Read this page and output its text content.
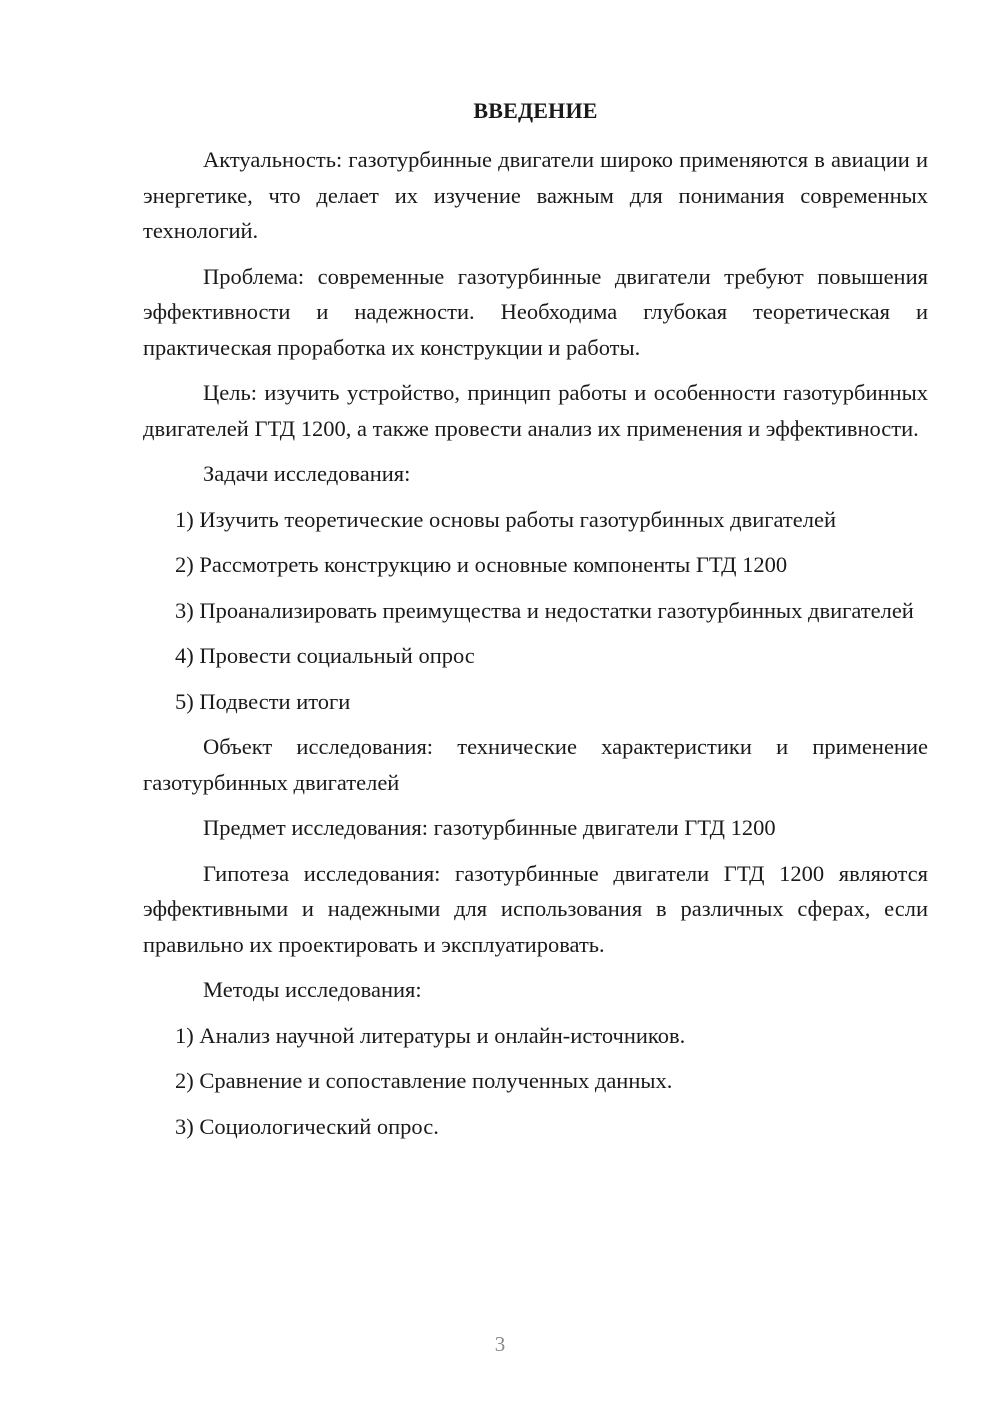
ВВЕДЕНИЕ
Актуальность: газотурбинные двигатели широко применяются в авиации и энергетике, что делает их изучение важным для понимания современных технологий.
Проблема: современные газотурбинные двигатели требуют повышения эффективности и надежности. Необходима глубокая теоретическая и практическая проработка их конструкции и работы.
Цель: изучить устройство, принцип работы и особенности газотурбинных двигателей ГТД 1200, а также провести анализ их применения и эффективности.
Задачи исследования:
1) Изучить теоретические основы работы газотурбинных двигателей
2) Рассмотреть конструкцию и основные компоненты ГТД 1200
3) Проанализировать преимущества и недостатки газотурбинных двигателей
4) Провести социальный опрос
5) Подвести итоги
Объект исследования: технические характеристики и применение газотурбинных двигателей
Предмет исследования: газотурбинные двигатели ГТД 1200
Гипотеза исследования: газотурбинные двигатели ГТД 1200 являются эффективными и надежными для использования в различных сферах, если правильно их проектировать и эксплуатировать.
Методы исследования:
1) Анализ научной литературы и онлайн-источников.
2) Сравнение и сопоставление полученных данных.
3) Социологический опрос.
3
